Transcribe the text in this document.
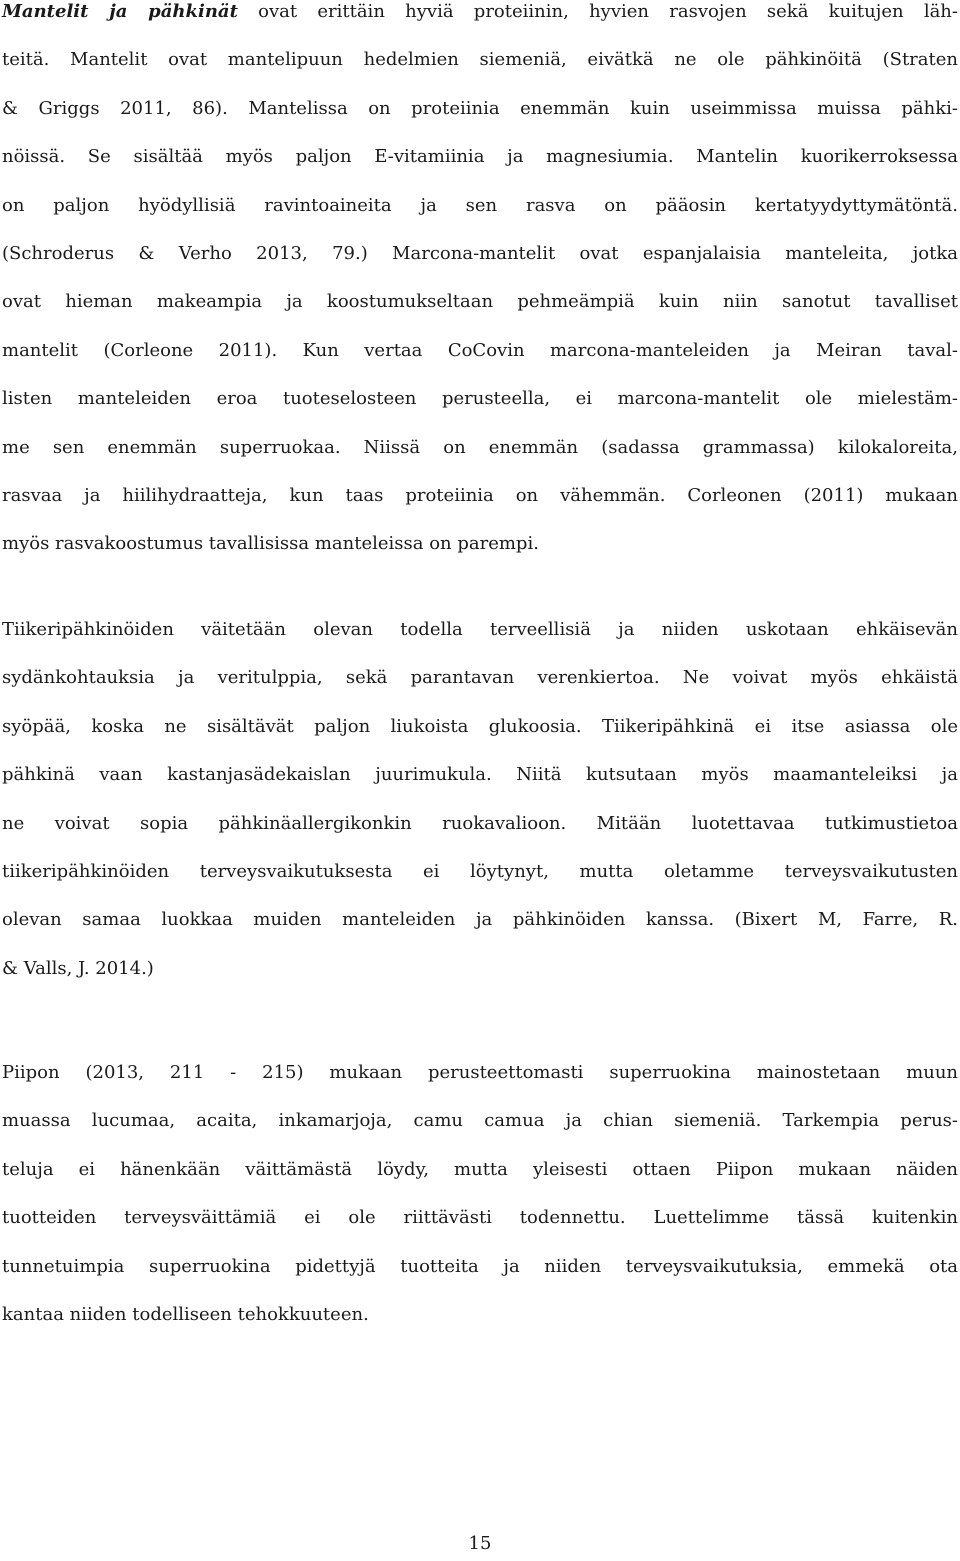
Mantelit ja pähkinät ovat erittäin hyviä proteiinin, hyvien rasvojen sekä kuitujen läh-
teitä. Mantelit ovat mantelipuun hedelmien siemeniä, eivätkä ne ole pähkinöitä (Straten
& Griggs 2011, 86). Mantelissa on proteiinia enemmän kuin useimmissa muissa pähki-
nöissä. Se sisältää myös paljon E-vitamiinia ja magnesiumia. Mantelin kuorikerroksessa
on paljon hyödyllisiä ravintoaineita ja sen rasva on pääosin kertatyydyttymätöntä.
(Schroderus & Verho 2013, 79.) Marcona-mantelit ovat espanjalaisia manteleita, jotka
ovat hieman makeampia ja koostumukseltaan pehmeämpiä kuin niin sanotut tavalliset
mantelit (Corleone 2011). Kun vertaa CoCovin marcona-manteleiden ja Meiran taval-
listen manteleiden eroa tuoteselosteen perusteella, ei marcona-mantelit ole mielestäm-
me sen enemmän superruokaa. Niissä on enemmän (sadassa grammassa) kilokaloreita,
rasvaa ja hiilihydraatteja, kun taas proteiinia on vähemmän. Corleonen (2011) mukaan
myös rasvakoostumus tavallisissa manteleissa on parempi.
Tiikeripähkinöiden väitetään olevan todella terveellisiä ja niiden uskotaan ehkäisevän
sydänkohtauksia ja veritulppia, sekä parantavan verenkiertoa. Ne voivat myös ehkäistä
syöpää, koska ne sisältävät paljon liukoista glukoosia. Tiikeripähkinä ei itse asiassa ole
pähkinä vaan kastanjasädekaislan juurimukula. Niitä kutsutaan myös maamanteleiksi ja
ne voivat sopia pähkinäallergikonkin ruokavalioon. Mitään luotettavaa tutkimustietoa
tiikeripähkinöiden terveysvaikutuksesta ei löytynyt, mutta oletamme terveysvaikutusten
olevan samaa luokkaa muiden manteleiden ja pähkinöiden kanssa. (Bixert M, Farre, R.
& Valls, J. 2014.)
Piipon (2013, 211 - 215) mukaan perusteettomasti superruokina mainostetaan muun
muassa lucumaa, acaita, inkamarjoja, camu camua ja chian siemeniä. Tarkempia perus-
teluja ei hänenkään väittämästä löydy, mutta yleisesti ottaen Piipon mukaan näiden
tuotteiden terveysväittämiä ei ole riittävästi todennettu. Luettelimme tässä kuitenkin
tunnetuimpia superruokina pidettyjä tuotteita ja niiden terveysvaikutuksia, emmekä ota
kantaa niiden todelliseen tehokkuuteen.
15
